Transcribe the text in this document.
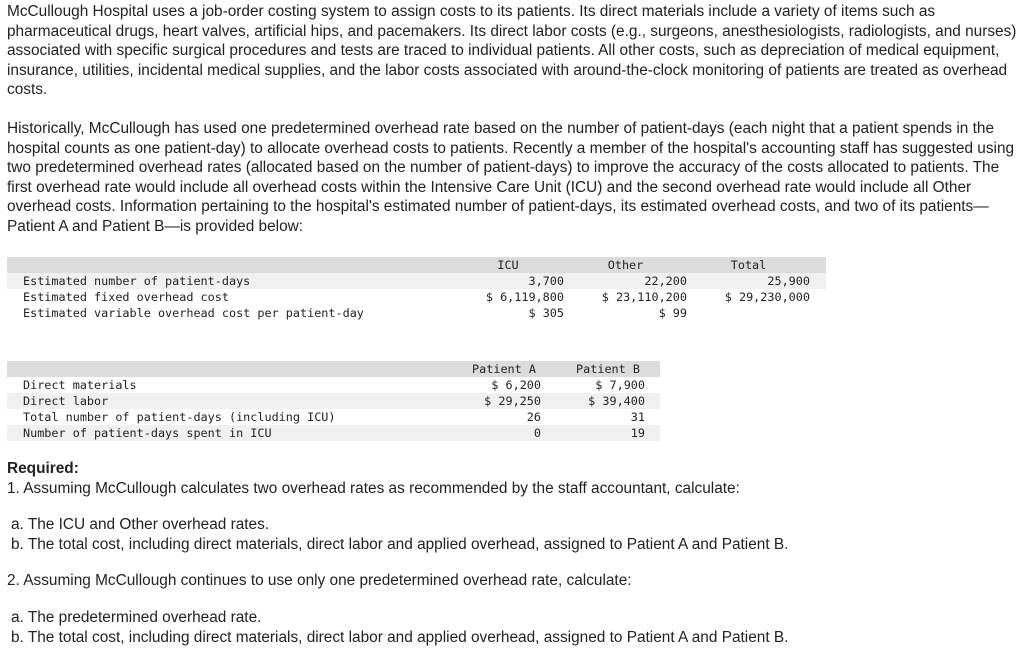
McCullough Hospital uses a job-order costing system to assign costs to its patients. Its direct materials include a variety of items such as pharmaceutical drugs, heart valves, artificial hips, and pacemakers. Its direct labor costs (e.g., surgeons, anesthesiologists, radiologists, and nurses) associated with specific surgical procedures and tests are traced to individual patients. All other costs, such as depreciation of medical equipment, insurance, utilities, incidental medical supplies, and the labor costs associated with around-the-clock monitoring of patients are treated as overhead costs.

Historically, McCullough has used one predetermined overhead rate based on the number of patient-days (each night that a patient spends in the hospital counts as one patient-day) to allocate overhead costs to patients. Recently a member of the hospital's accounting staff has suggested using two predetermined overhead rates (allocated based on the number of patient-days) to improve the accuracy of the costs allocated to patients. The first overhead rate would include all overhead costs within the Intensive Care Unit (ICU) and the second overhead rate would include all Other overhead costs. Information pertaining to the hospital's estimated number of patient-days, its estimated overhead costs, and two of its patients—Patient A and Patient B—is provided below:

	ICU	Other	Total	
Estimated number of patient-days	3,700	22,200	25,900	
Estimated fixed overhead cost	$ 6,119,800	$ 23,110,200	$ 29,230,000	
Estimated variable overhead cost per patient-day	$ 305	$ 99		
	Patient A	Patient B
Direct materials	$ 6,200	$ 7,900
Direct labor	$ 29,250	$ 39,400
Total number of patient-days (including ICU)	26	31
Number of patient-days spent in ICU	0	19
Required:
1. Assuming McCullough calculates two overhead rates as recommended by the staff accountant, calculate:
a. The ICU and Other overhead rates.
b. The total cost, including direct materials, direct labor and applied overhead, assigned to Patient A and Patient B.
2. Assuming McCullough continues to use only one predetermined overhead rate, calculate:
a. The predetermined overhead rate.
b. The total cost, including direct materials, direct labor and applied overhead, assigned to Patient A and Patient B.
